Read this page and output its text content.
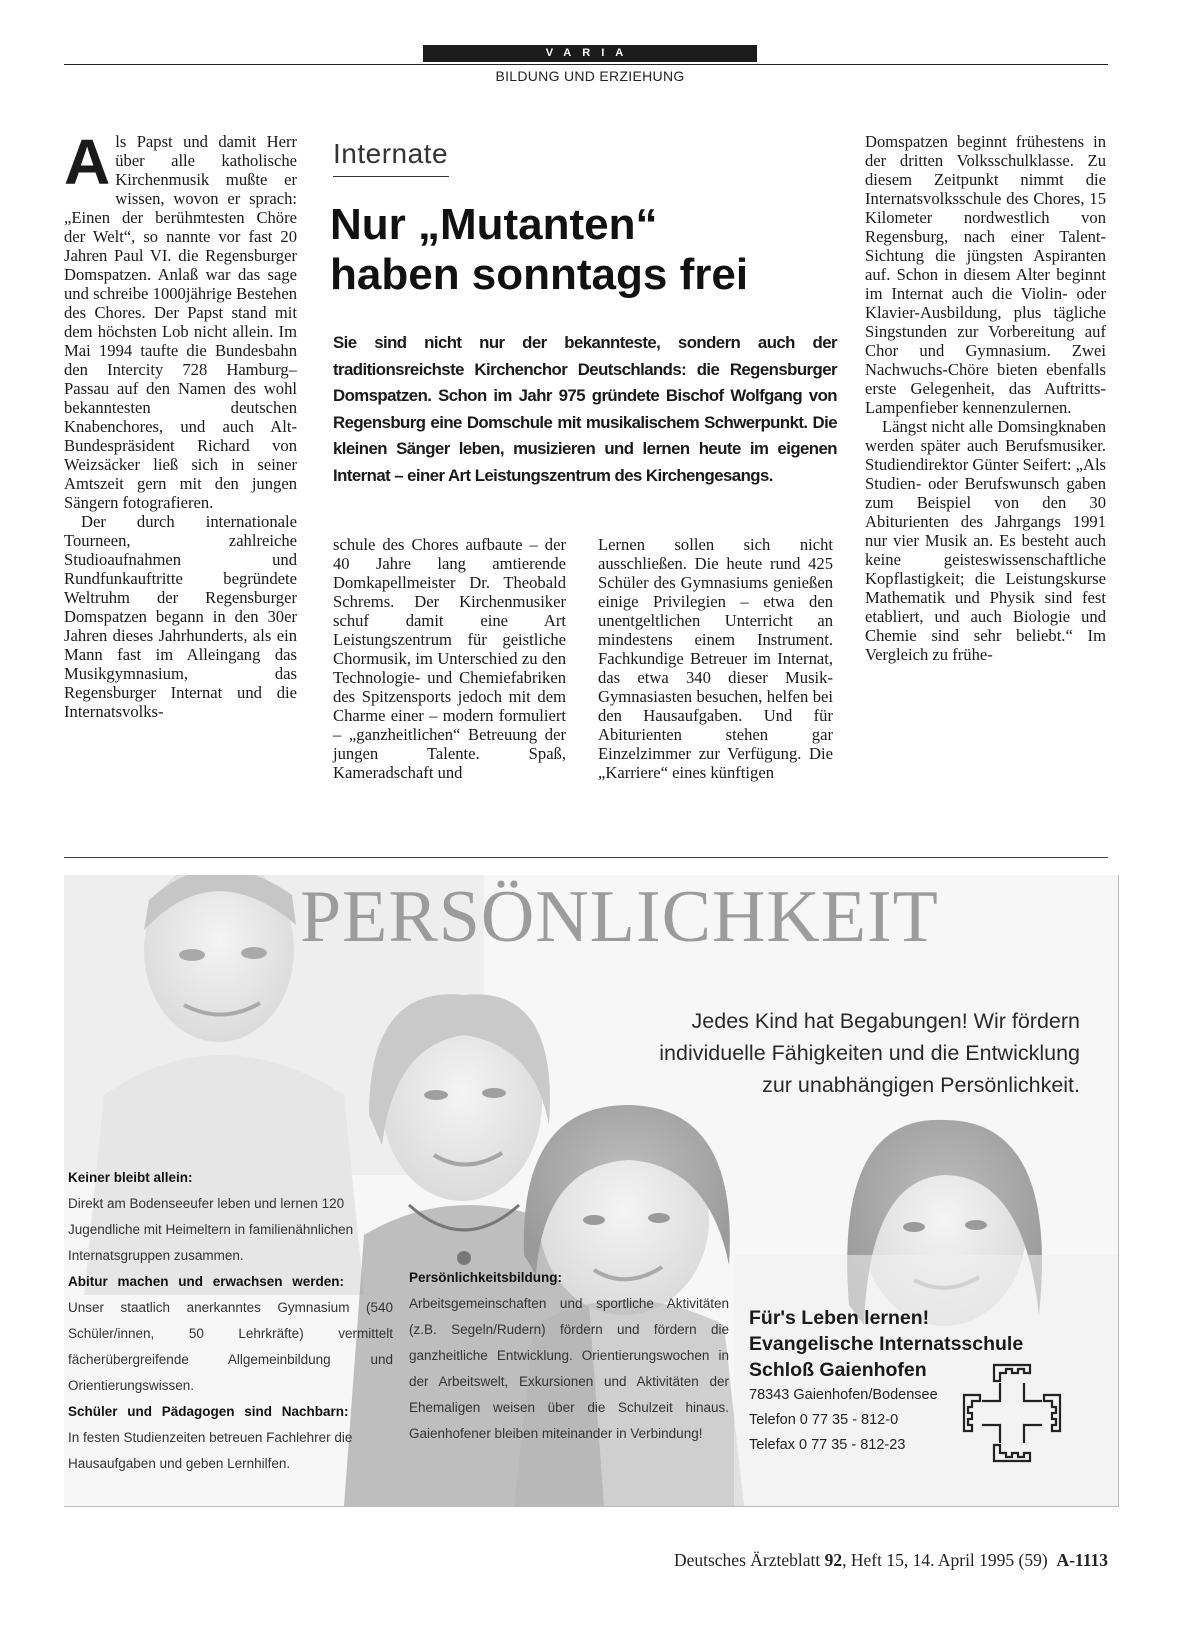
VARIA
BILDUNG UND ERZIEHUNG

Als Papst und damit Herr über alle katholische Kirchenmusik mußte er wissen, wovon er sprach: „Einen der berühmtesten Chöre der Welt“, so nannte vor fast 20 Jahren Paul VI. die Regensburger Domspatzen. Anlaß war das sage und schreibe 1000jährige Bestehen des Chores. Der Papst stand mit dem höchsten Lob nicht allein. Im Mai 1994 taufte die Bundesbahn den Intercity 728 Hamburg–Passau auf den Namen des wohl bekanntesten deutschen Knabenchores, und auch Alt-Bundespräsident Richard von Weizsäcker ließ sich in seiner Amtszeit gern mit den jungen Sängern fotografieren.

Der durch internationale Tourneen, zahlreiche Studioaufnahmen und Rundfunkauftritte begründete Weltruhm der Regensburger Domspatzen begann in den 30er Jahren dieses Jahrhunderts, als ein Mann fast im Alleingang das Musikgymnasium, das Regensburger Internat und die Internatsvolks-

Internate
Nur „Mutanten“
haben sonntags frei

Sie sind nicht nur der bekannteste, sondern auch der traditionsreichste Kirchenchor Deutschlands: die Regensburger Domspatzen. Schon im Jahr 975 gründete Bischof Wolfgang von Regensburg eine Domschule mit musikalischem Schwerpunkt. Die kleinen Sänger leben, musizieren und lernen heute im eigenen Internat – einer Art Leistungszentrum des Kirchengesangs.

schule des Chores aufbaute – der 40 Jahre lang amtierende Domkapellmeister Dr. Theobald Schrems. Der Kirchenmusiker schuf damit eine Art Leistungszentrum für geistliche Chormusik, im Unterschied zu den Technologie- und Chemiefabriken des Spitzensports jedoch mit dem Charme einer – modern formuliert – „ganzheitlichen“ Betreuung der jungen Talente. Spaß, Kameradschaft und

Lernen sollen sich nicht ausschließen. Die heute rund 425 Schüler des Gymnasiums genießen einige Privilegien – etwa den unentgeltlichen Unterricht an mindestens einem Instrument. Fachkundige Betreuer im Internat, das etwa 340 dieser Musik-Gymnasiasten besuchen, helfen bei den Hausaufgaben. Und für Abiturienten stehen gar Einzelzimmer zur Verfügung. Die „Karriere“ eines künftigen

Domspatzen beginnt frühestens in der dritten Volksschulklasse. Zu diesem Zeitpunkt nimmt die Internatsvolksschule des Chores, 15 Kilometer nordwestlich von Regensburg, nach einer Talent-Sichtung die jüngsten Aspiranten auf. Schon in diesem Alter beginnt im Internat auch die Violin- oder Klavier-Ausbildung, plus tägliche Singstunden zur Vorbereitung auf Chor und Gymnasium. Zwei Nachwuchs-Chöre bieten ebenfalls erste Gelegenheit, das Auftritts-Lampenfieber kennenzulernen.

Längst nicht alle Domsingknaben werden später auch Berufsmusiker. Studiendirektor Günter Seifert: „Als Studien- oder Berufswunsch gaben zum Beispiel von den 30 Abiturienten des Jahrgangs 1991 nur vier Musik an. Es besteht auch keine geisteswissenschaftliche Kopflastigkeit; die Leistungskurse Mathematik und Physik sind fest etabliert, und auch Biologie und Chemie sind sehr beliebt.“ Im Vergleich zu frühe-

PERSÖNLICHKEIT

Jedes Kind hat Begabungen! Wir fördern
individuelle Fähigkeiten und die Entwicklung
zur unabhängigen Persönlichkeit.

Keiner bleibt allein:

Direkt am Bodenseeufer leben und lernen 120 Jugendliche mit Heimeltern in familienähnlichen Internatsgruppen zusammen.

Abitur machen und erwachsen werden:

Unser staatlich anerkanntes Gymnasium (540 Schüler/innen, 50 Lehrkräfte) vermittelt fächerübergreifende Allgemeinbildung und Orientierungswissen.

Schüler und Pädagogen sind Nachbarn:

In festen Studienzeiten betreuen Fachlehrer die Hausaufgaben und geben Lernhilfen.

Persönlichkeitsbildung:

Arbeitsgemeinschaften und sportliche Aktivitäten (z.B. Segeln/Rudern) fördern und fördern die ganzheitliche Entwicklung. Orientierungswochen in der Arbeitswelt, Exkursionen und Aktivitäten der Ehemaligen weisen über die Schulzeit hinaus. Gaienhofener bleiben miteinander in Verbindung!

Für's Leben lernen!
Evangelische Internatsschule
Schloß Gaienhofen
78343 Gaienhofen/Bodensee
Telefon 0 77 35 - 812-0
Telefax 0 77 35 - 812-23
Deutsches Ärzteblatt 92, Heft 15, 14. April 1995 (59) A-1113
